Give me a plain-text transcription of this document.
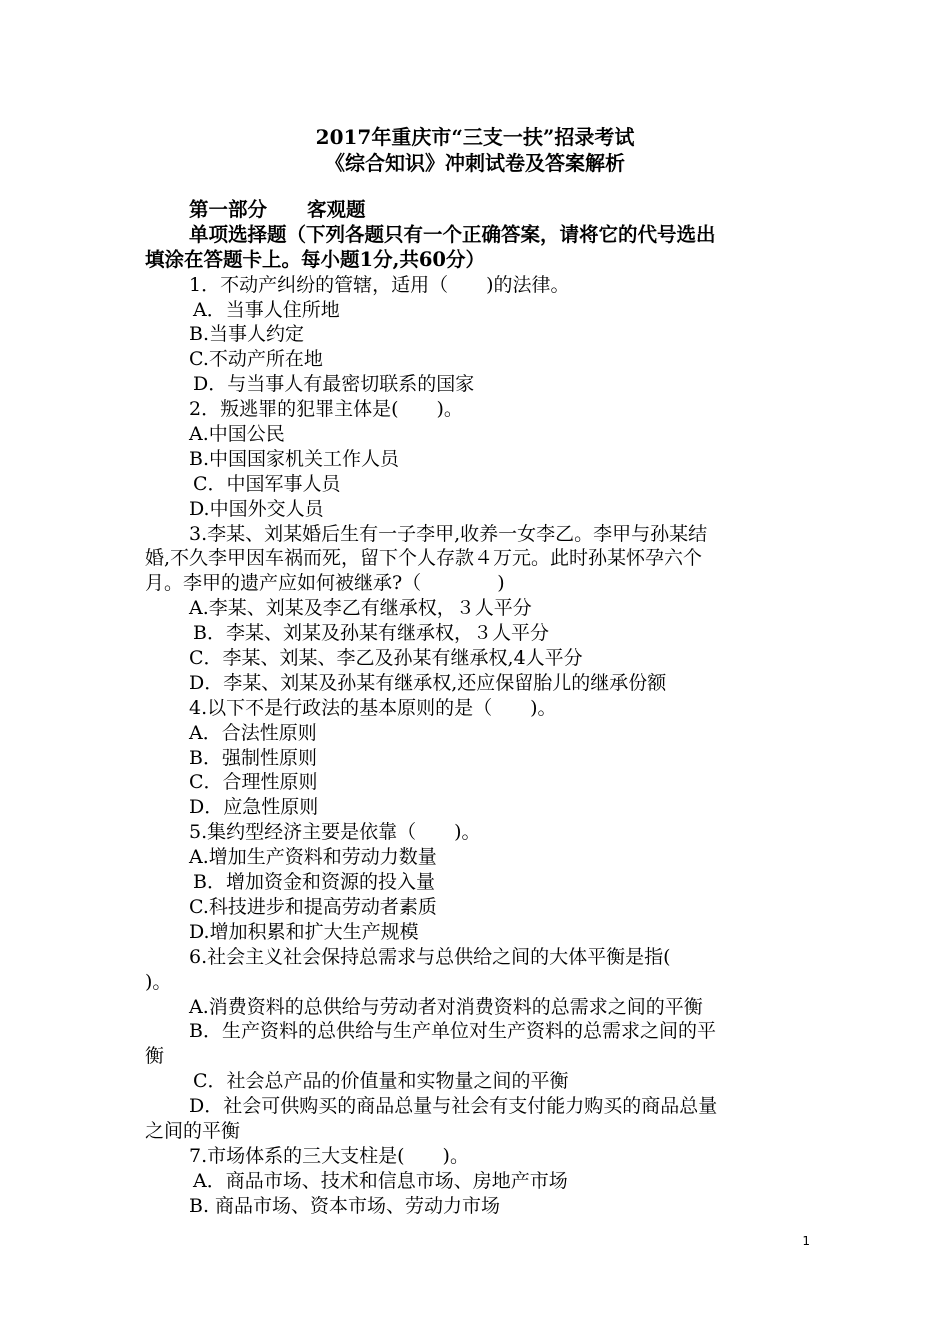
2017年重庆市“三支一扶”招录考试
《综合知识》冲刺试卷及答案解析
第一部分 客观题
单项选择题（下列各题只有一个正确答案，请将它的代号选出
填涂在答题卡上。每小题1分,共60分）
1．不动产纠纷的管辖，适用（　　)的法律。
A．当事人住所地
B.当事人约定
C.不动产所在地
D．与当事人有最密切联系的国家
2．叛逃罪的犯罪主体是(　　)。
A.中国公民
B.中国国家机关工作人员
C．中国军事人员
D.中国外交人员
3.李某、刘某婚后生有一子李甲,收养一女李乙。李甲与孙某结
婚,不久李甲因车祸而死，留下个人存款４万元。此时孙某怀孕六个
月。李甲的遗产应如何被继承?（　　　　)
A.李某、刘某及李乙有继承权，３人平分
B．李某、刘某及孙某有继承权，３人平分
C．李某、刘某、李乙及孙某有继承权,4人平分
D．李某、刘某及孙某有继承权,还应保留胎儿的继承份额
4.以下不是行政法的基本原则的是（　　)。
A．合法性原则
B．强制性原则
C．合理性原则
D．应急性原则
5.集约型经济主要是依靠（　　)。
A.增加生产资料和劳动力数量
B．增加资金和资源的投入量
C.科技进步和提高劳动者素质
D.增加积累和扩大生产规模
6.社会主义社会保持总需求与总供给之间的大体平衡是指(
)。
A.消费资料的总供给与劳动者对消费资料的总需求之间的平衡
B．生产资料的总供给与生产单位对生产资料的总需求之间的平
衡
C．社会总产品的价值量和实物量之间的平衡
D．社会可供购买的商品总量与社会有支付能力购买的商品总量
之间的平衡
7.市场体系的三大支柱是(　　)。
A．商品市场、技术和信息市场、房地产市场
B. 商品市场、资本市场、劳动力市场
1
